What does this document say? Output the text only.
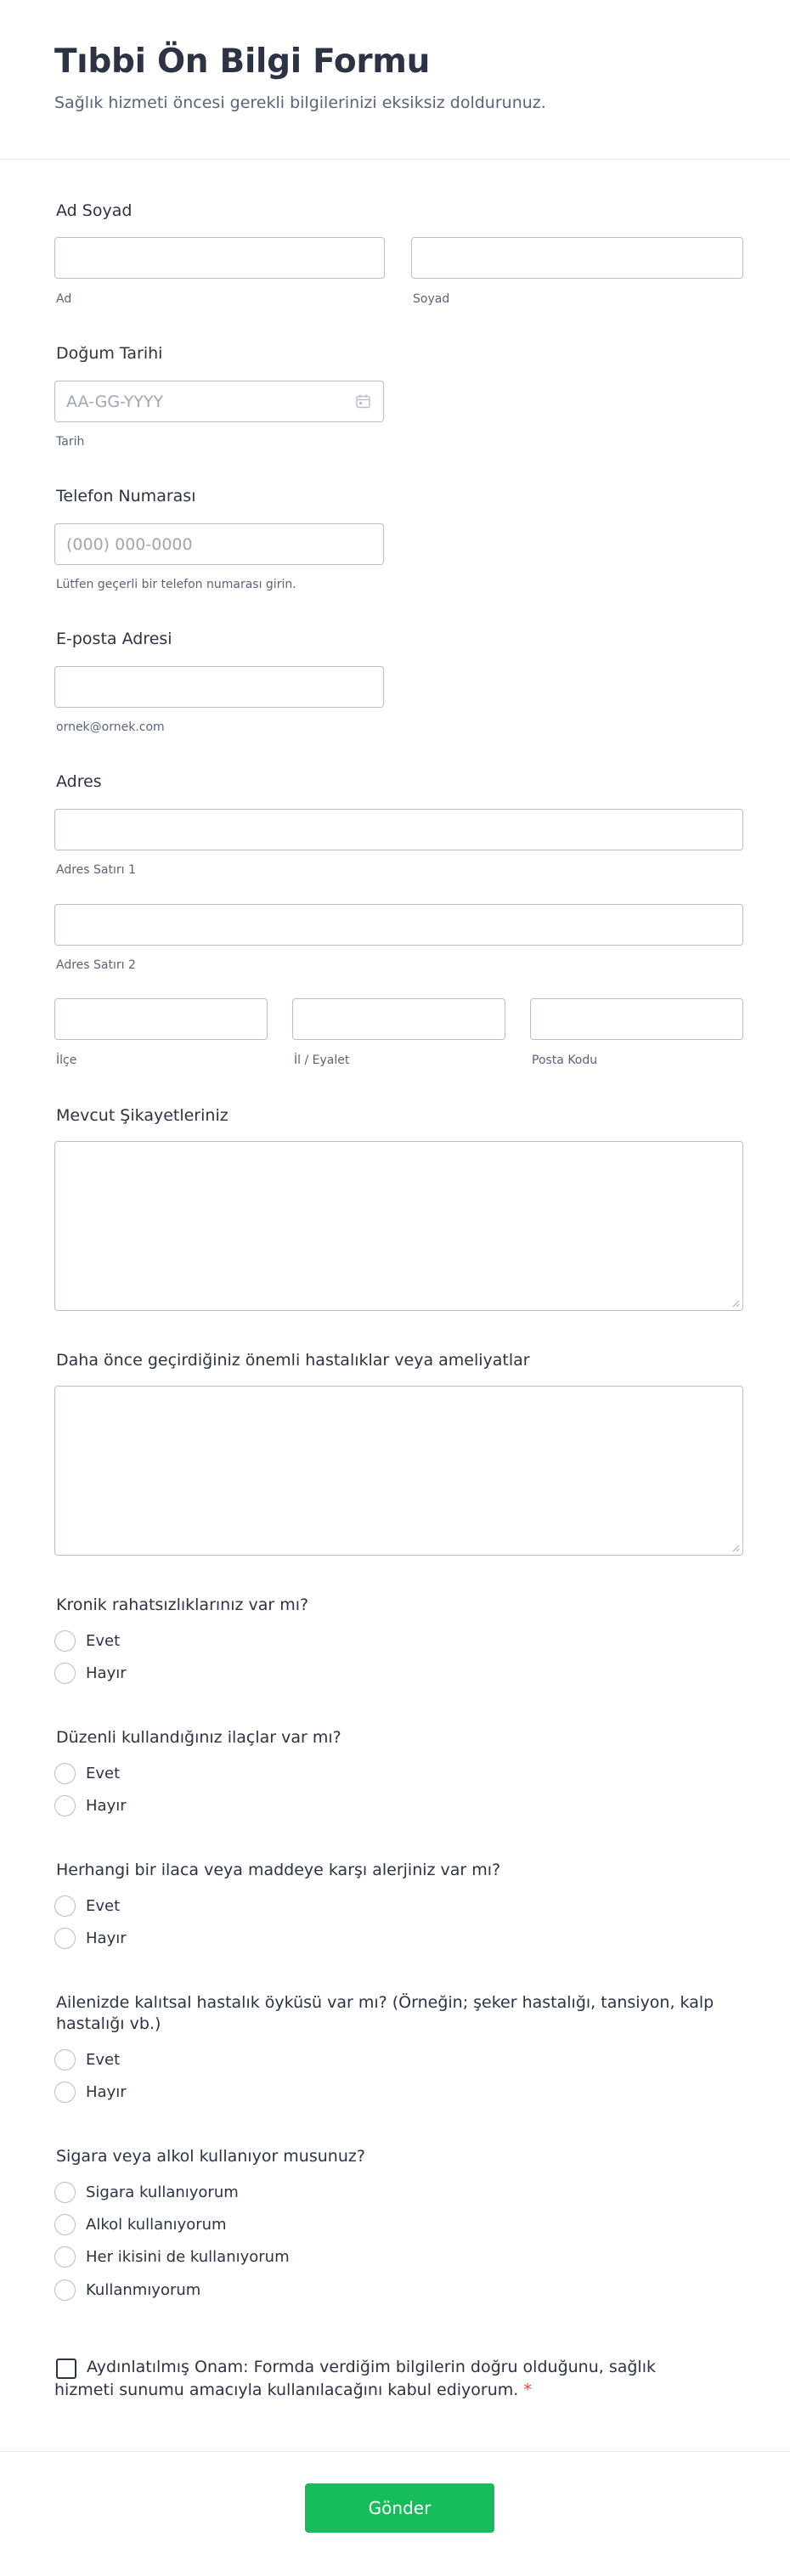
Tıbbi Ön Bilgi Formu
Sağlık hizmeti öncesi gerekli bilgilerinizi eksiksiz doldurunuz.
Ad Soyad
Ad	Soyad
Doğum Tarihi
AA-GG-YYYY
Tarih
Telefon Numarası
(000) 000-0000
Lütfen geçerli bir telefon numarası girin.
E-posta Adresi
ornek@ornek.com
Adres
Adres Satırı 1
Adres Satırı 2
İlçe	İl / Eyalet	Posta Kodu
Mevcut Şikayetleriniz
Daha önce geçirdiğiniz önemli hastalıklar veya ameliyatlar
Kronik rahatsızlıklarınız var mı?
Evet
Hayır
Düzenli kullandığınız ilaçlar var mı?
Evet
Hayır
Herhangi bir ilaca veya maddeye karşı alerjiniz var mı?
Evet
Hayır
Ailenizde kalıtsal hastalık öyküsü var mı? (Örneğin; şeker hastalığı, tansiyon, kalp
hastalığı vb.)
Evet
Hayır
Sigara veya alkol kullanıyor musunuz?
Sigara kullanıyorum
Alkol kullanıyorum
Her ikisini de kullanıyorum
Kullanmıyorum
Aydınlatılmış Onam: Formda verdiğim bilgilerin doğru olduğunu, sağlık
hizmeti sunumu amacıyla kullanılacağını kabul ediyorum. *
Gönder
